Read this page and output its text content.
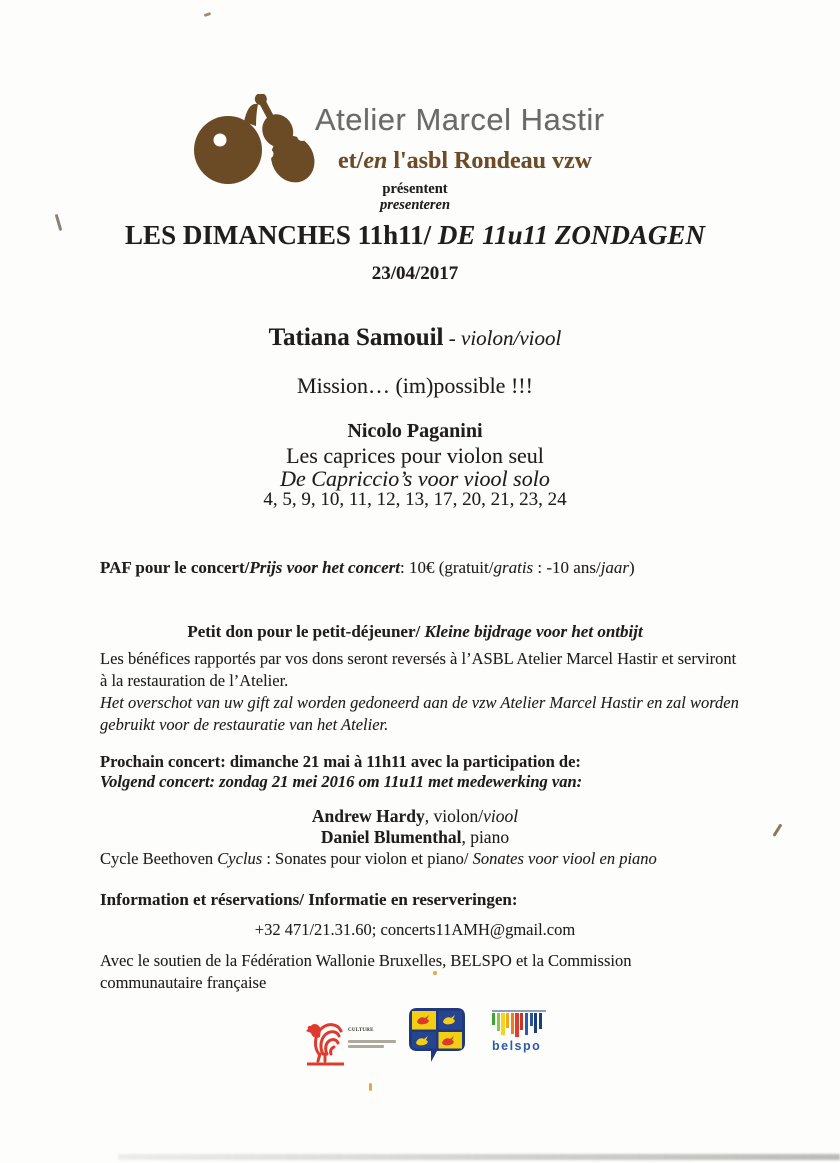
Atelier Marcel Hastir
et/en l'asbl Rondeau vzw
présentent
presenteren
LES DIMANCHES 11h11/ DE 11u11 ZONDAGEN
23/04/2017
Tatiana Samouil - violon/viool
Mission… (im)possible !!!
Nicolo Paganini
Les caprices pour violon seul
De Capriccio’s voor viool solo
4, 5, 9, 10, 11, 12, 13, 17, 20, 21, 23, 24
PAF pour le concert/Prijs voor het concert: 10€ (gratuit/gratis : -10 ans/jaar)
Petit don pour le petit-déjeuner/ Kleine bijdrage voor het ontbijt
Les bénéfices rapportés par vos dons seront reversés à l’ASBL Atelier Marcel Hastir et serviront à la restauration de l’Atelier.
Het overschot van uw gift zal worden gedoneerd aan de vzw Atelier Marcel Hastir en zal worden gebruikt voor de restauratie van het Atelier.
Prochain concert: dimanche 21 mai à 11h11 avec la participation de:
Volgend concert: zondag 21 mei 2016 om 11u11 met medewerking van:
Andrew Hardy, violon/viool
Daniel Blumenthal, piano
Cycle Beethoven Cyclus : Sonates pour violon et piano/ Sonates voor viool en piano
Information et réservations/ Informatie en reserveringen:
+32 471/21.31.60; concerts11AMH@gmail.com
Avec le soutien de la Fédération Wallonie Bruxelles, BELSPO et la Commission communautaire française
CULTURE
belspo
